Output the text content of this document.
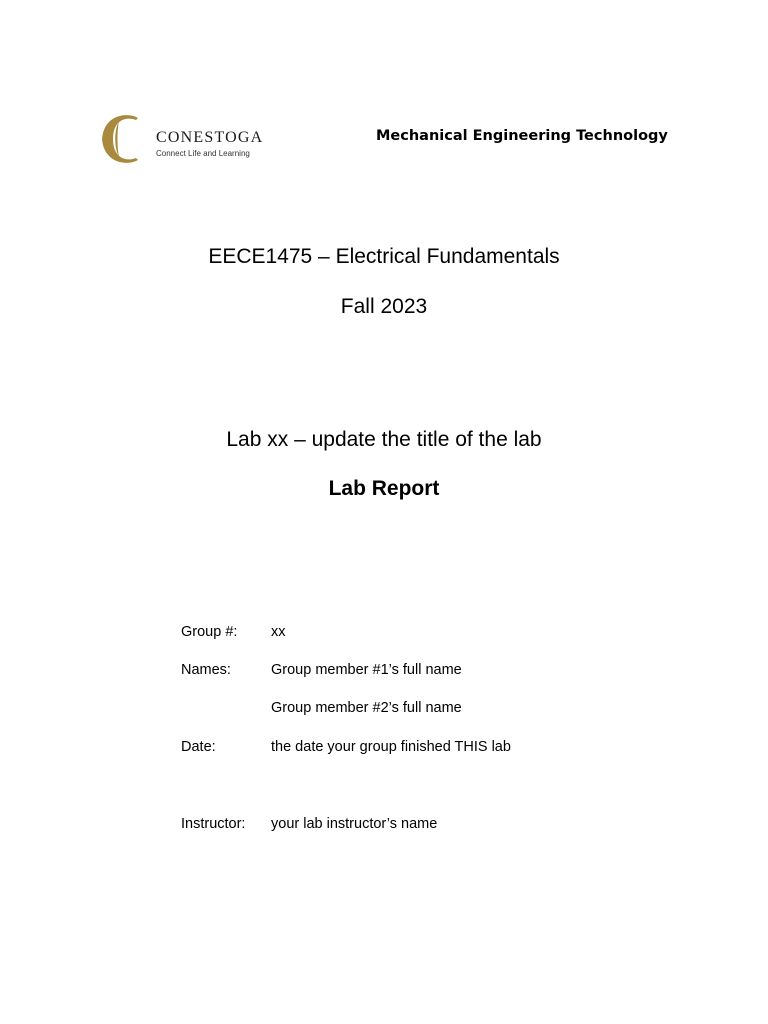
CONESTOGA
Connect Life and Learning
Mechanical Engineering Technology
EECE1475 – Electrical Fundamentals
Fall 2023
Lab xx – update the title of the lab
Lab Report
Group #: xx
Names:	Group member #1’s full name
Group member #2’s full name
Date:	the date your group finished THIS lab
Instructor: your lab instructor’s name
